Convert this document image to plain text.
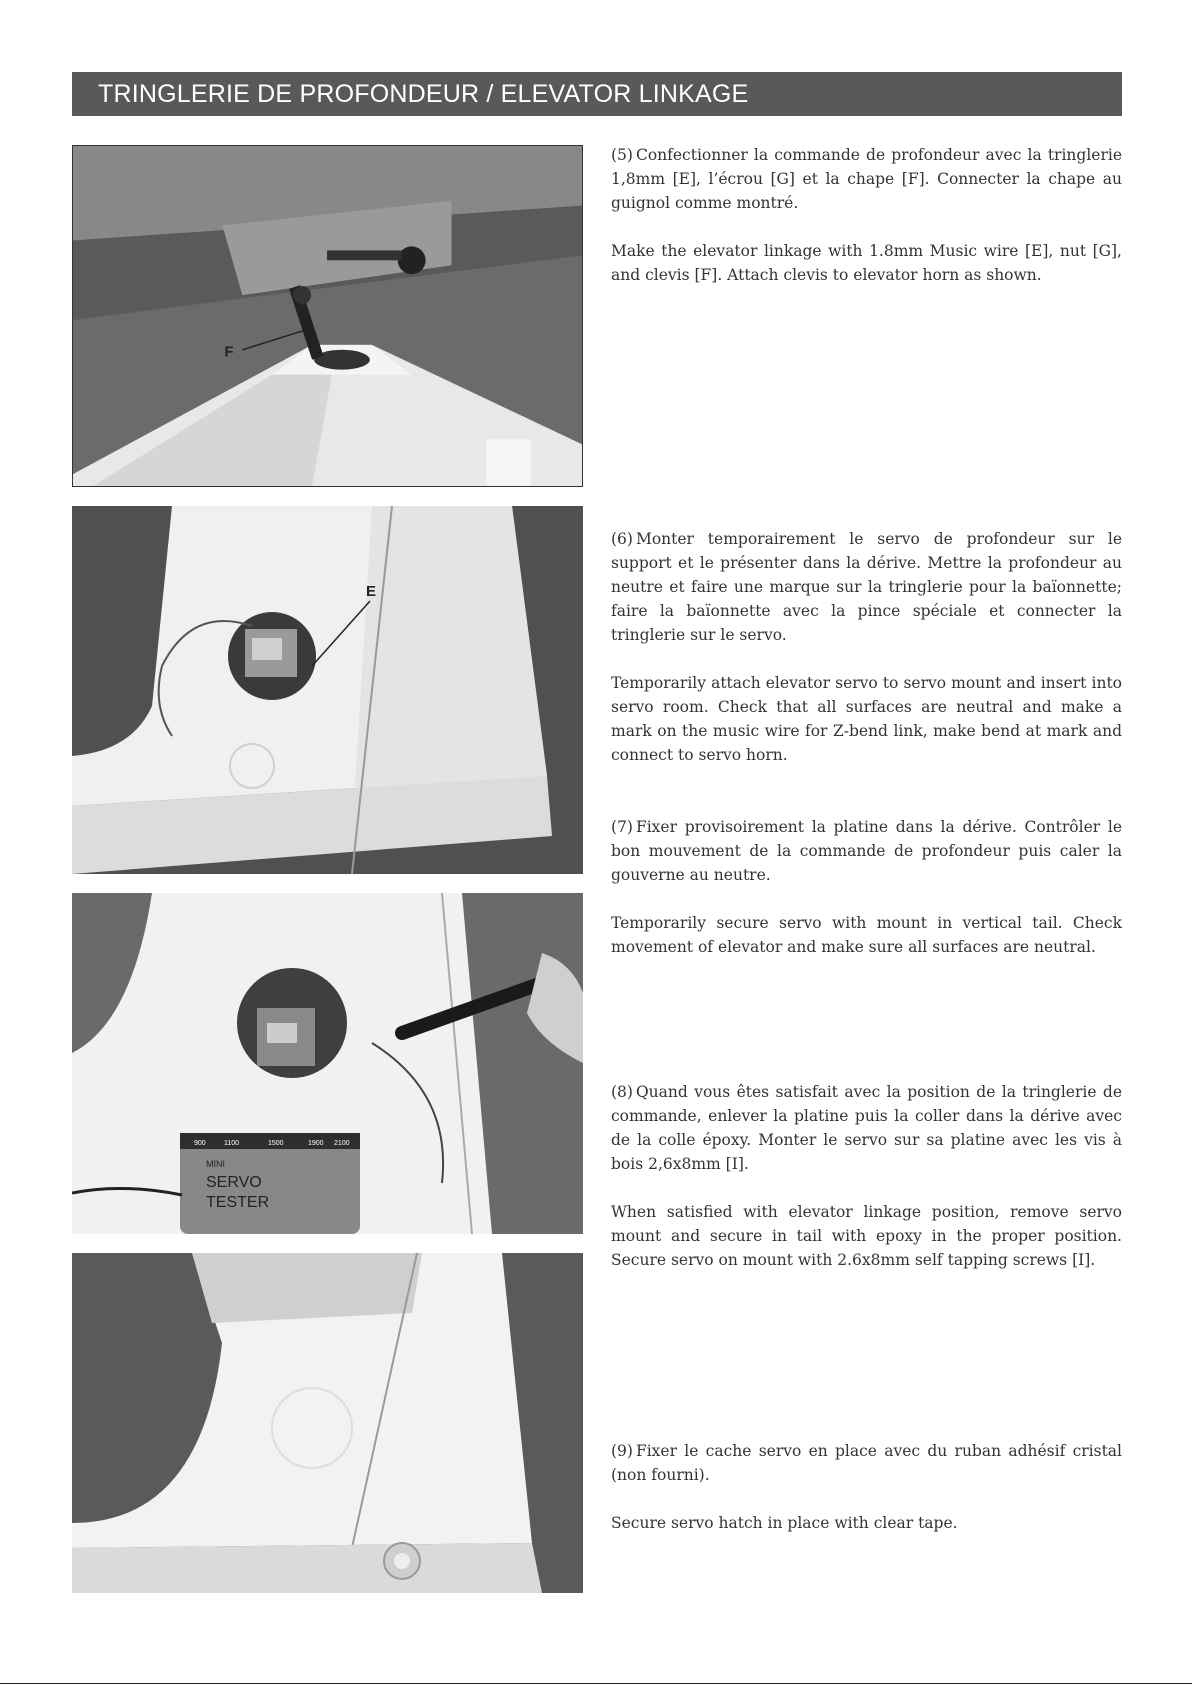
TRINGLERIE DE PROFONDEUR / ELEVATOR LINKAGE
F
E
900	1100	1500	1900 2100
MINI
SERVO
TESTER

(5) Confectionner la commande de profondeur avec la tringlerie 1,8mm [E], l’écrou [G] et la chape [F]. Connecter la chape au guignol comme montré.

Make the elevator linkage with 1.8mm Music wire [E], nut [G], and clevis [F]. Attach clevis to elevator horn as shown.

(6) Monter temporairement le servo de profondeur sur le support et le présenter dans la dérive. Mettre la profondeur au neutre et faire une marque sur la tringlerie pour la baïonnette; faire la baïonnette avec la pince spéciale et connecter la tringlerie sur le servo.

Temporarily attach elevator servo to servo mount and insert into servo room. Check that all surfaces are neutral and make a mark on the music wire for Z-bend link, make bend at mark and connect to servo horn.

(7) Fixer provisoirement la platine dans la dérive. Contrôler le bon mouvement de la commande de profondeur puis caler la gouverne au neutre.

Temporarily secure servo with mount in vertical tail. Check movement of elevator and make sure all surfaces are neutral.

(8) Quand vous êtes satisfait avec la position de la tringlerie de commande, enlever la platine puis la coller dans la dérive avec de la colle époxy. Monter le servo sur sa platine avec les vis à bois 2,6x8mm [I].

When satisfied with elevator linkage position, remove servo mount and secure in tail with epoxy in the proper position. Secure servo on mount with 2.6x8mm self tapping screws [I].

(9) Fixer le cache servo en place avec du ruban adhésif cristal (non fourni).

Secure servo hatch in place with clear tape.
